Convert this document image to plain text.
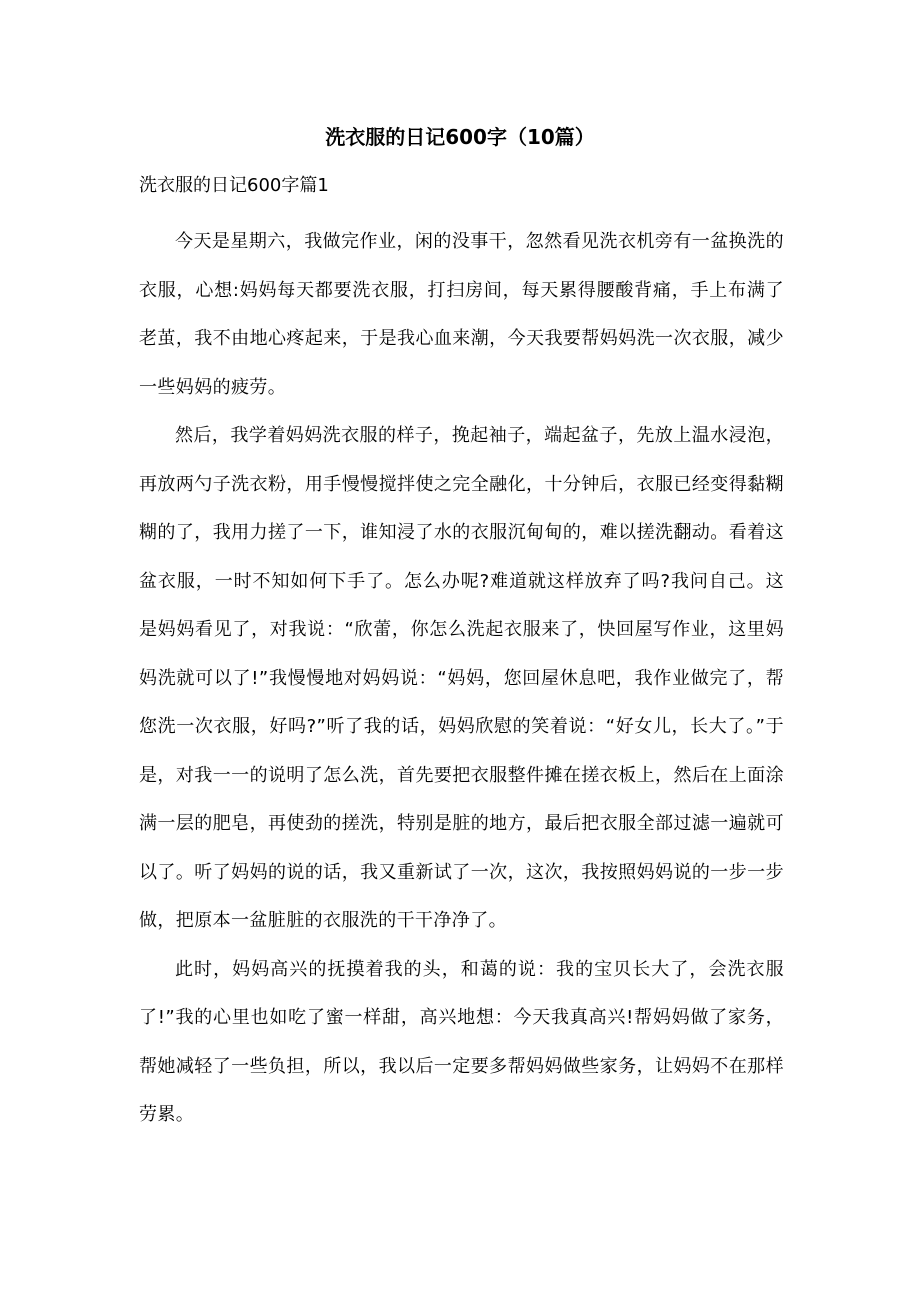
洗衣服的日记600字（10篇）

洗衣服的日记600字篇1

今天是星期六，我做完作业，闲的没事干，忽然看见洗衣机旁有一盆换洗的衣服，心想:妈妈每天都要洗衣服，打扫房间，每天累得腰酸背痛，手上布满了老茧，我不由地心疼起来，于是我心血来潮，今天我要帮妈妈洗一次衣服，减少一些妈妈的疲劳。

然后，我学着妈妈洗衣服的样子，挽起袖子，端起盆子，先放上温水浸泡，再放两勺子洗衣粉，用手慢慢搅拌使之完全融化，十分钟后，衣服已经变得黏糊糊的了，我用力搓了一下，谁知浸了水的衣服沉甸甸的，难以搓洗翻动。看着这盆衣服，一时不知如何下手了。怎么办呢?难道就这样放弃了吗?我问自己。这是妈妈看见了，对我说：“欣蕾，你怎么洗起衣服来了，快回屋写作业，这里妈妈洗就可以了!”我慢慢地对妈妈说：“妈妈，您回屋休息吧，我作业做完了，帮您洗一次衣服，好吗?”听了我的话，妈妈欣慰的笑着说：“好女儿，长大了。”于是，对我一一的说明了怎么洗，首先要把衣服整件摊在搓衣板上，然后在上面涂满一层的肥皂，再使劲的搓洗，特别是脏的地方，最后把衣服全部过滤一遍就可以了。听了妈妈的说的话，我又重新试了一次，这次，我按照妈妈说的一步一步做，把原本一盆脏脏的衣服洗的干干净净了。

此时，妈妈高兴的抚摸着我的头，和蔼的说：我的宝贝长大了，会洗衣服了!”我的心里也如吃了蜜一样甜，高兴地想：今天我真高兴!帮妈妈做了家务，帮她减轻了一些负担，所以，我以后一定要多帮妈妈做些家务，让妈妈不在那样劳累。
